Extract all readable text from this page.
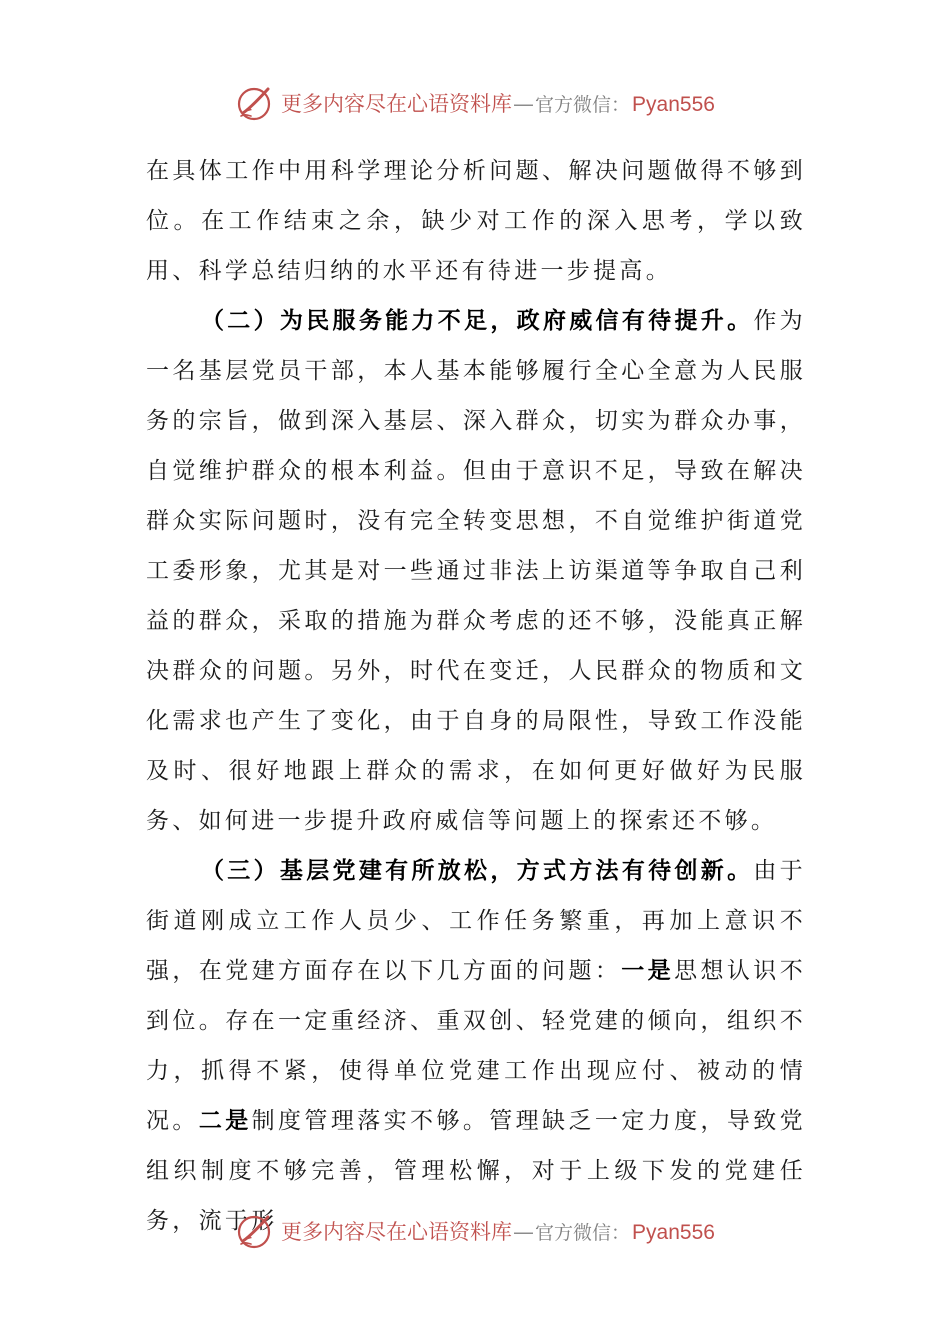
更多内容尽在心语资料库 — 官方微信： Pyan556

在具体工作中用科学理论分析问题、解决问题做得不够到位。在工作结束之余，缺少对工作的深入思考，学以致用、科学总结归纳的水平还有待进一步提高。

（二）为民服务能力不足，政府威信有待提升。作为一名基层党员干部，本人基本能够履行全心全意为人民服务的宗旨，做到深入基层、深入群众，切实为群众办事，自觉维护群众的根本利益。但由于意识不足，导致在解决群众实际问题时，没有完全转变思想，不自觉维护街道党工委形象，尤其是对一些通过非法上访渠道等争取自己利益的群众，采取的措施为群众考虑的还不够，没能真正解决群众的问题。另外，时代在变迁，人民群众的物质和文化需求也产生了变化，由于自身的局限性，导致工作没能及时、很好地跟上群众的需求，在如何更好做好为民服务、如何进一步提升政府威信等问题上的探索还不够。

（三）基层党建有所放松，方式方法有待创新。由于街道刚成立工作人员少、工作任务繁重，再加上意识不强，在党建方面存在以下几方面的问题：一是思想认识不到位。存在一定重经济、重双创、轻党建的倾向，组织不力，抓得不紧，使得单位党建工作出现应付、被动的情况。二是制度管理落实不够。管理缺乏一定力度，导致党组织制度不够完善，管理松懈，对于上级下发的党建任务，流于形 更多内容尽在心语资料库 — 官方微信： Pyan556
